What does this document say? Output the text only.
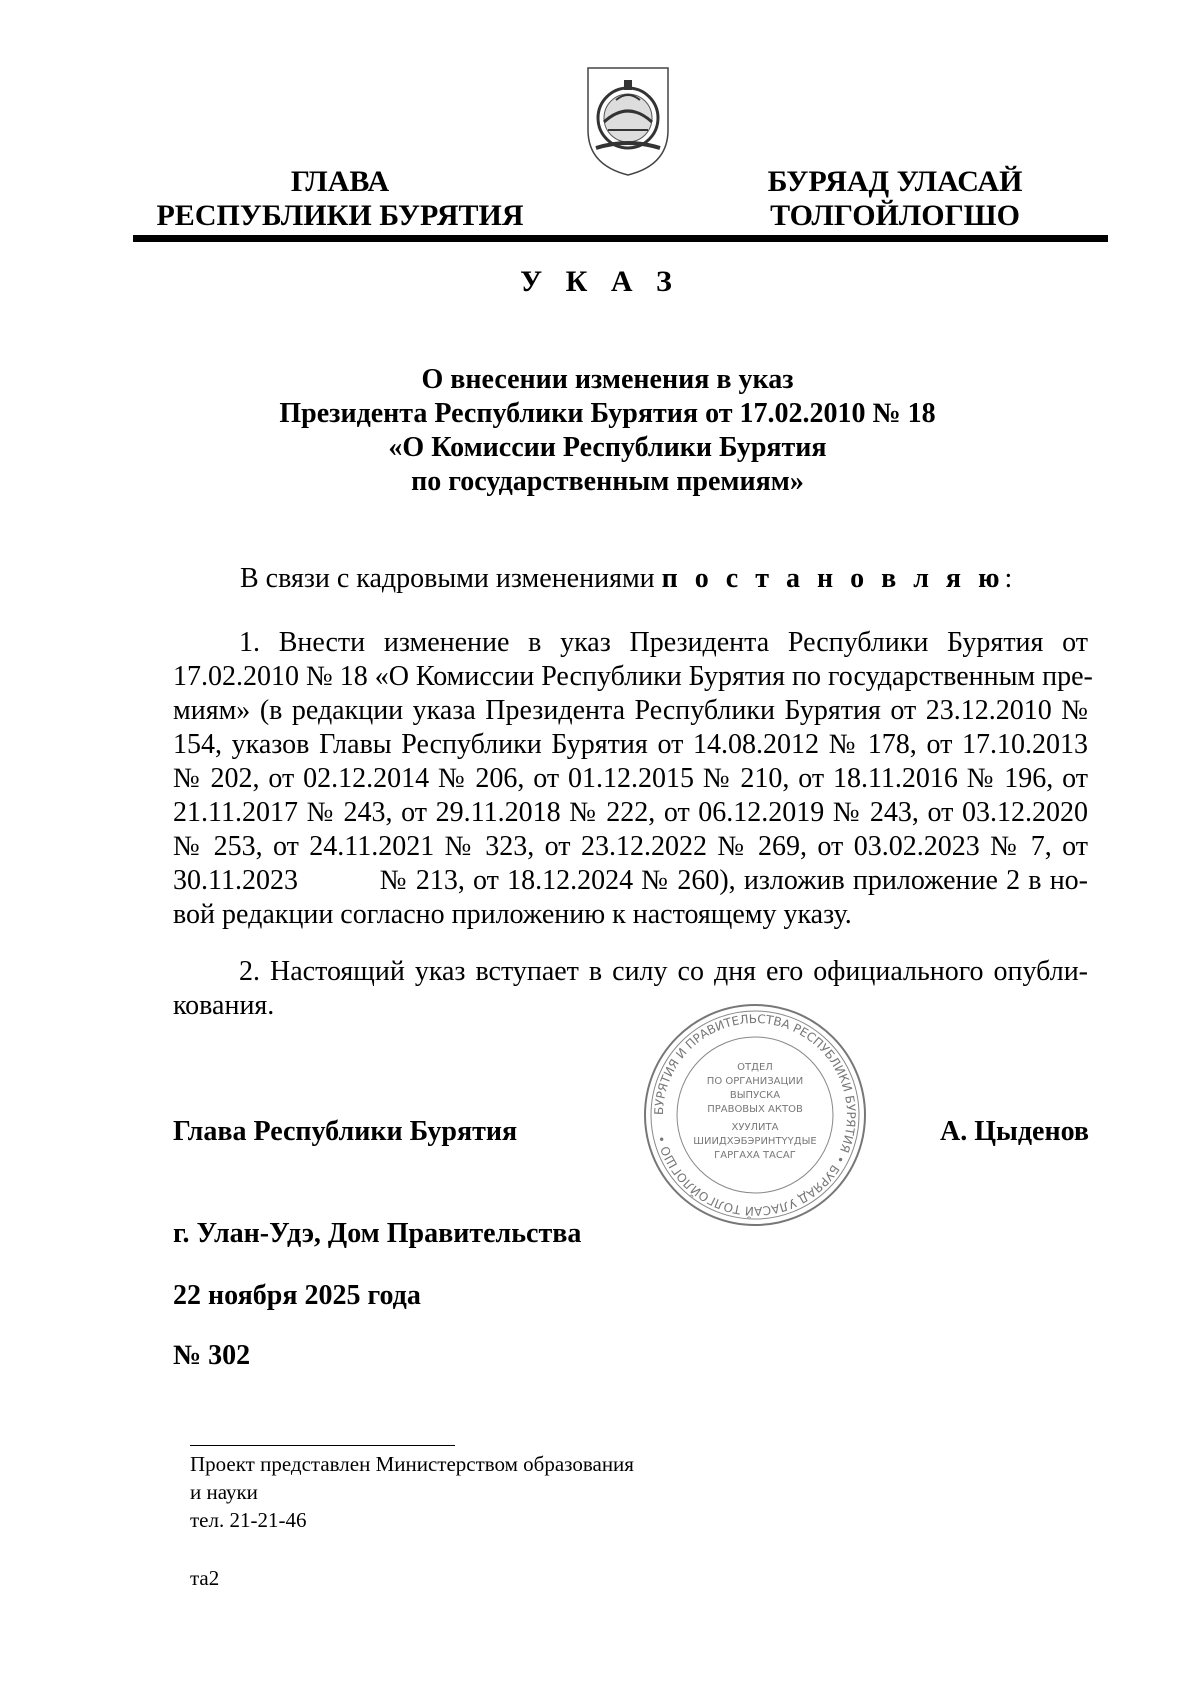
ГЛАВА
РЕСПУБЛИКИ БУРЯТИЯ
БУРЯАД УЛАСАЙ
ТОЛГОЙЛОГШО
У К А З
О внесении изменения в указ
Президента Республики Бурятия от 17.02.2010 № 18
«О Комиссии Республики Бурятия
по государственным премиям»
В связи с кадровыми изменениями п о с т а н о в л я ю:
1. Внести изменение в указ Президента Республики Бурятия от
17.02.2010 № 18 «О Комиссии Республики Бурятия по государственным пре-
миям» (в редакции указа Президента Республики Бурятия от 23.12.2010 №
154, указов Главы Республики Бурятия от 14.08.2012 № 178, от 17.10.2013
№ 202, от 02.12.2014 № 206, от 01.12.2015 № 210, от 18.11.2016 № 196, от
21.11.2017 № 243, от 29.11.2018 № 222, от 06.12.2019 № 243, от 03.12.2020
№ 253, от 24.11.2021 № 323, от 23.12.2022 № 269, от 03.02.2023 № 7, от
30.11.2023          № 213, от 18.12.2024 № 260), изложив приложение 2 в но-
вой редакции согласно приложению к настоящему указу.
2. Настоящий указ вступает в силу со дня его официального опубли-
кования.
БУРЯТИЯ И ПРАВИТЕЛЬСТВА РЕСПУБЛИКИ БУРЯТИЯ • БУРЯАД УЛАСАЙ ТОЛГОЙЛОГШО •
ОТДЕЛ
ПО ОРГАНИЗАЦИИ
ВЫПУСКА
ПРАВОВЫХ АКТОВ
ХУУЛИТА
ШИИДХЭБЭРИНТҮҮДЫЕ
ГАРГАХА ТАСАГ
Глава Республики Бурятия	А. Цыденов
г. Улан-Удэ, Дом Правительства
22 ноября 2025 года
№ 302
Проект представлен Министерством образования
и науки
тел. 21-21-46
та2
